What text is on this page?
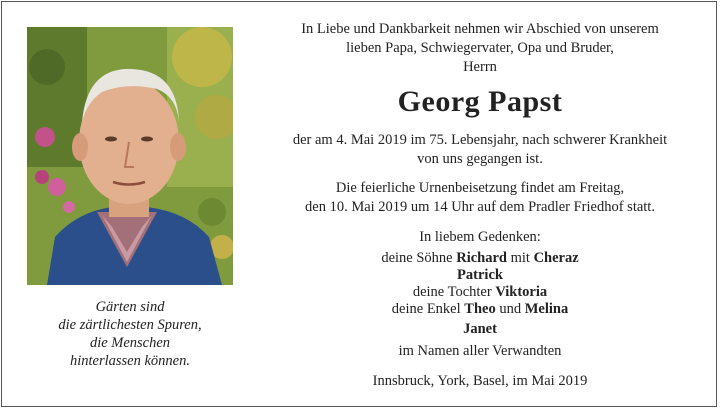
Gärten sind
die zärtlichesten Spuren,
die Menschen
hinterlassen können.
In Liebe und Dankbarkeit nehmen wir Abschied von unserem
lieben Papa, Schwiegervater, Opa und Bruder,
Herrn
Georg Papst
der am 4. Mai 2019 im 75. Lebensjahr, nach schwerer Krankheit
von uns gegangen ist.
Die feierliche Urnenbeisetzung findet am Freitag,
den 10. Mai 2019 um 14 Uhr auf dem Pradler Friedhof statt.
In liebem Gedenken:
deine Söhne Richard mit Cheraz
Patrick
deine Tochter Viktoria
deine Enkel Theo und Melina
Janet
im Namen aller Verwandten
Innsbruck, York, Basel, im Mai 2019
